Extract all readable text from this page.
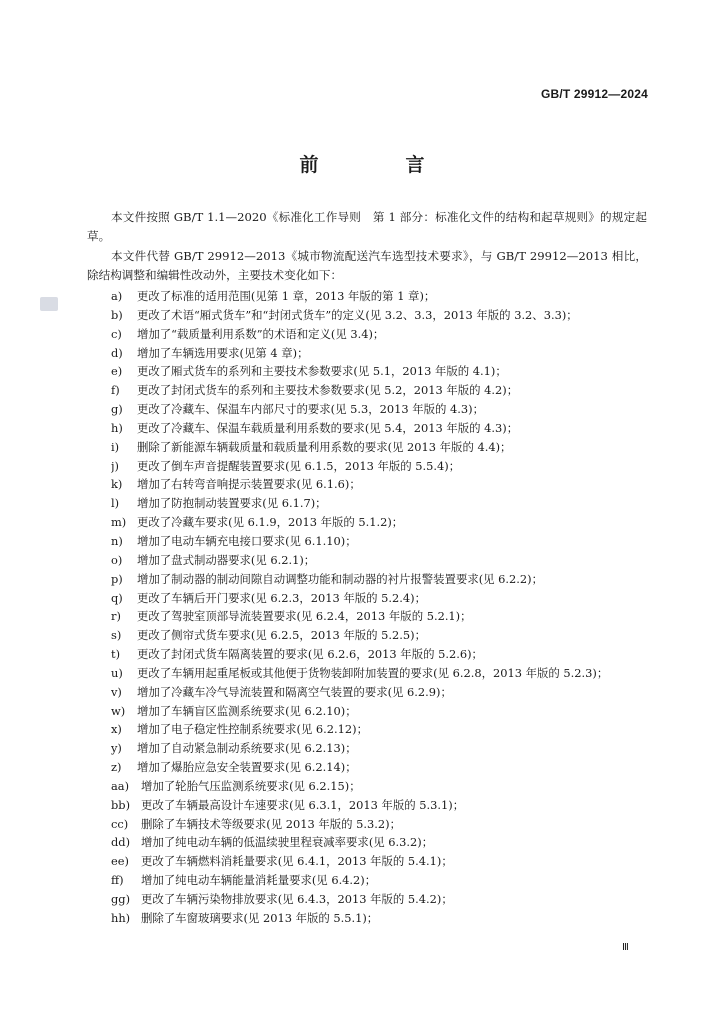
GB/T 29912—2024
前　言
本文件按照 GB/T 1.1—2020《标准化工作导则　第 1 部分：标准化文件的结构和起草规则》的规定起草。
本文件代替 GB/T 29912—2013《城市物流配送汽车选型技术要求》，与 GB/T 29912—2013 相比，除结构调整和编辑性改动外，主要技术变化如下：
a) 更改了标准的适用范围(见第 1 章，2013 年版的第 1 章)；
b) 更改了术语“厢式货车”和“封闭式货车”的定义(见 3.2、3.3，2013 年版的 3.2、3.3)；
c) 增加了“载质量利用系数”的术语和定义(见 3.4)；
d) 增加了车辆选用要求(见第 4 章)；
e) 更改了厢式货车的系列和主要技术参数要求(见 5.1，2013 年版的 4.1)；
f) 更改了封闭式货车的系列和主要技术参数要求(见 5.2，2013 年版的 4.2)；
g) 更改了冷藏车、保温车内部尺寸的要求(见 5.3，2013 年版的 4.3)；
h) 更改了冷藏车、保温车载质量利用系数的要求(见 5.4，2013 年版的 4.3)；
i) 删除了新能源车辆载质量和载质量利用系数的要求(见 2013 年版的 4.4)；
j) 更改了倒车声音提醒装置要求(见 6.1.5，2013 年版的 5.5.4)；
k) 增加了右转弯音响提示装置要求(见 6.1.6)；
l) 增加了防抱制动装置要求(见 6.1.7)；
m) 更改了冷藏车要求(见 6.1.9，2013 年版的 5.1.2)；
n) 增加了电动车辆充电接口要求(见 6.1.10)；
o) 增加了盘式制动器要求(见 6.2.1)；
p) 增加了制动器的制动间隙自动调整功能和制动器的衬片报警装置要求(见 6.2.2)；
q) 更改了车辆后开门要求(见 6.2.3，2013 年版的 5.2.4)；
r) 更改了驾驶室顶部导流装置要求(见 6.2.4，2013 年版的 5.2.1)；
s) 更改了侧帘式货车要求(见 6.2.5，2013 年版的 5.2.5)；
t) 更改了封闭式货车隔离装置的要求(见 6.2.6，2013 年版的 5.2.6)；
u) 更改了车辆用起重尾板或其他便于货物装卸附加装置的要求(见 6.2.8，2013 年版的 5.2.3)；
v) 增加了冷藏车冷气导流装置和隔离空气装置的要求(见 6.2.9)；
w) 增加了车辆盲区监测系统要求(见 6.2.10)；
x) 增加了电子稳定性控制系统要求(见 6.2.12)；
y) 增加了自动紧急制动系统要求(见 6.2.13)；
z) 增加了爆胎应急安全装置要求(见 6.2.14)；
aa) 增加了轮胎气压监测系统要求(见 6.2.15)；
bb) 更改了车辆最高设计车速要求(见 6.3.1，2013 年版的 5.3.1)；
cc) 删除了车辆技术等级要求(见 2013 年版的 5.3.2)；
dd) 增加了纯电动车辆的低温续驶里程衰减率要求(见 6.3.2)；
ee) 更改了车辆燃料消耗量要求(见 6.4.1，2013 年版的 5.4.1)；
ff) 增加了纯电动车辆能量消耗量要求(见 6.4.2)；
gg) 更改了车辆污染物排放要求(见 6.4.3，2013 年版的 5.4.2)；
hh) 删除了车窗玻璃要求(见 2013 年版的 5.5.1)；
Ⅲ
